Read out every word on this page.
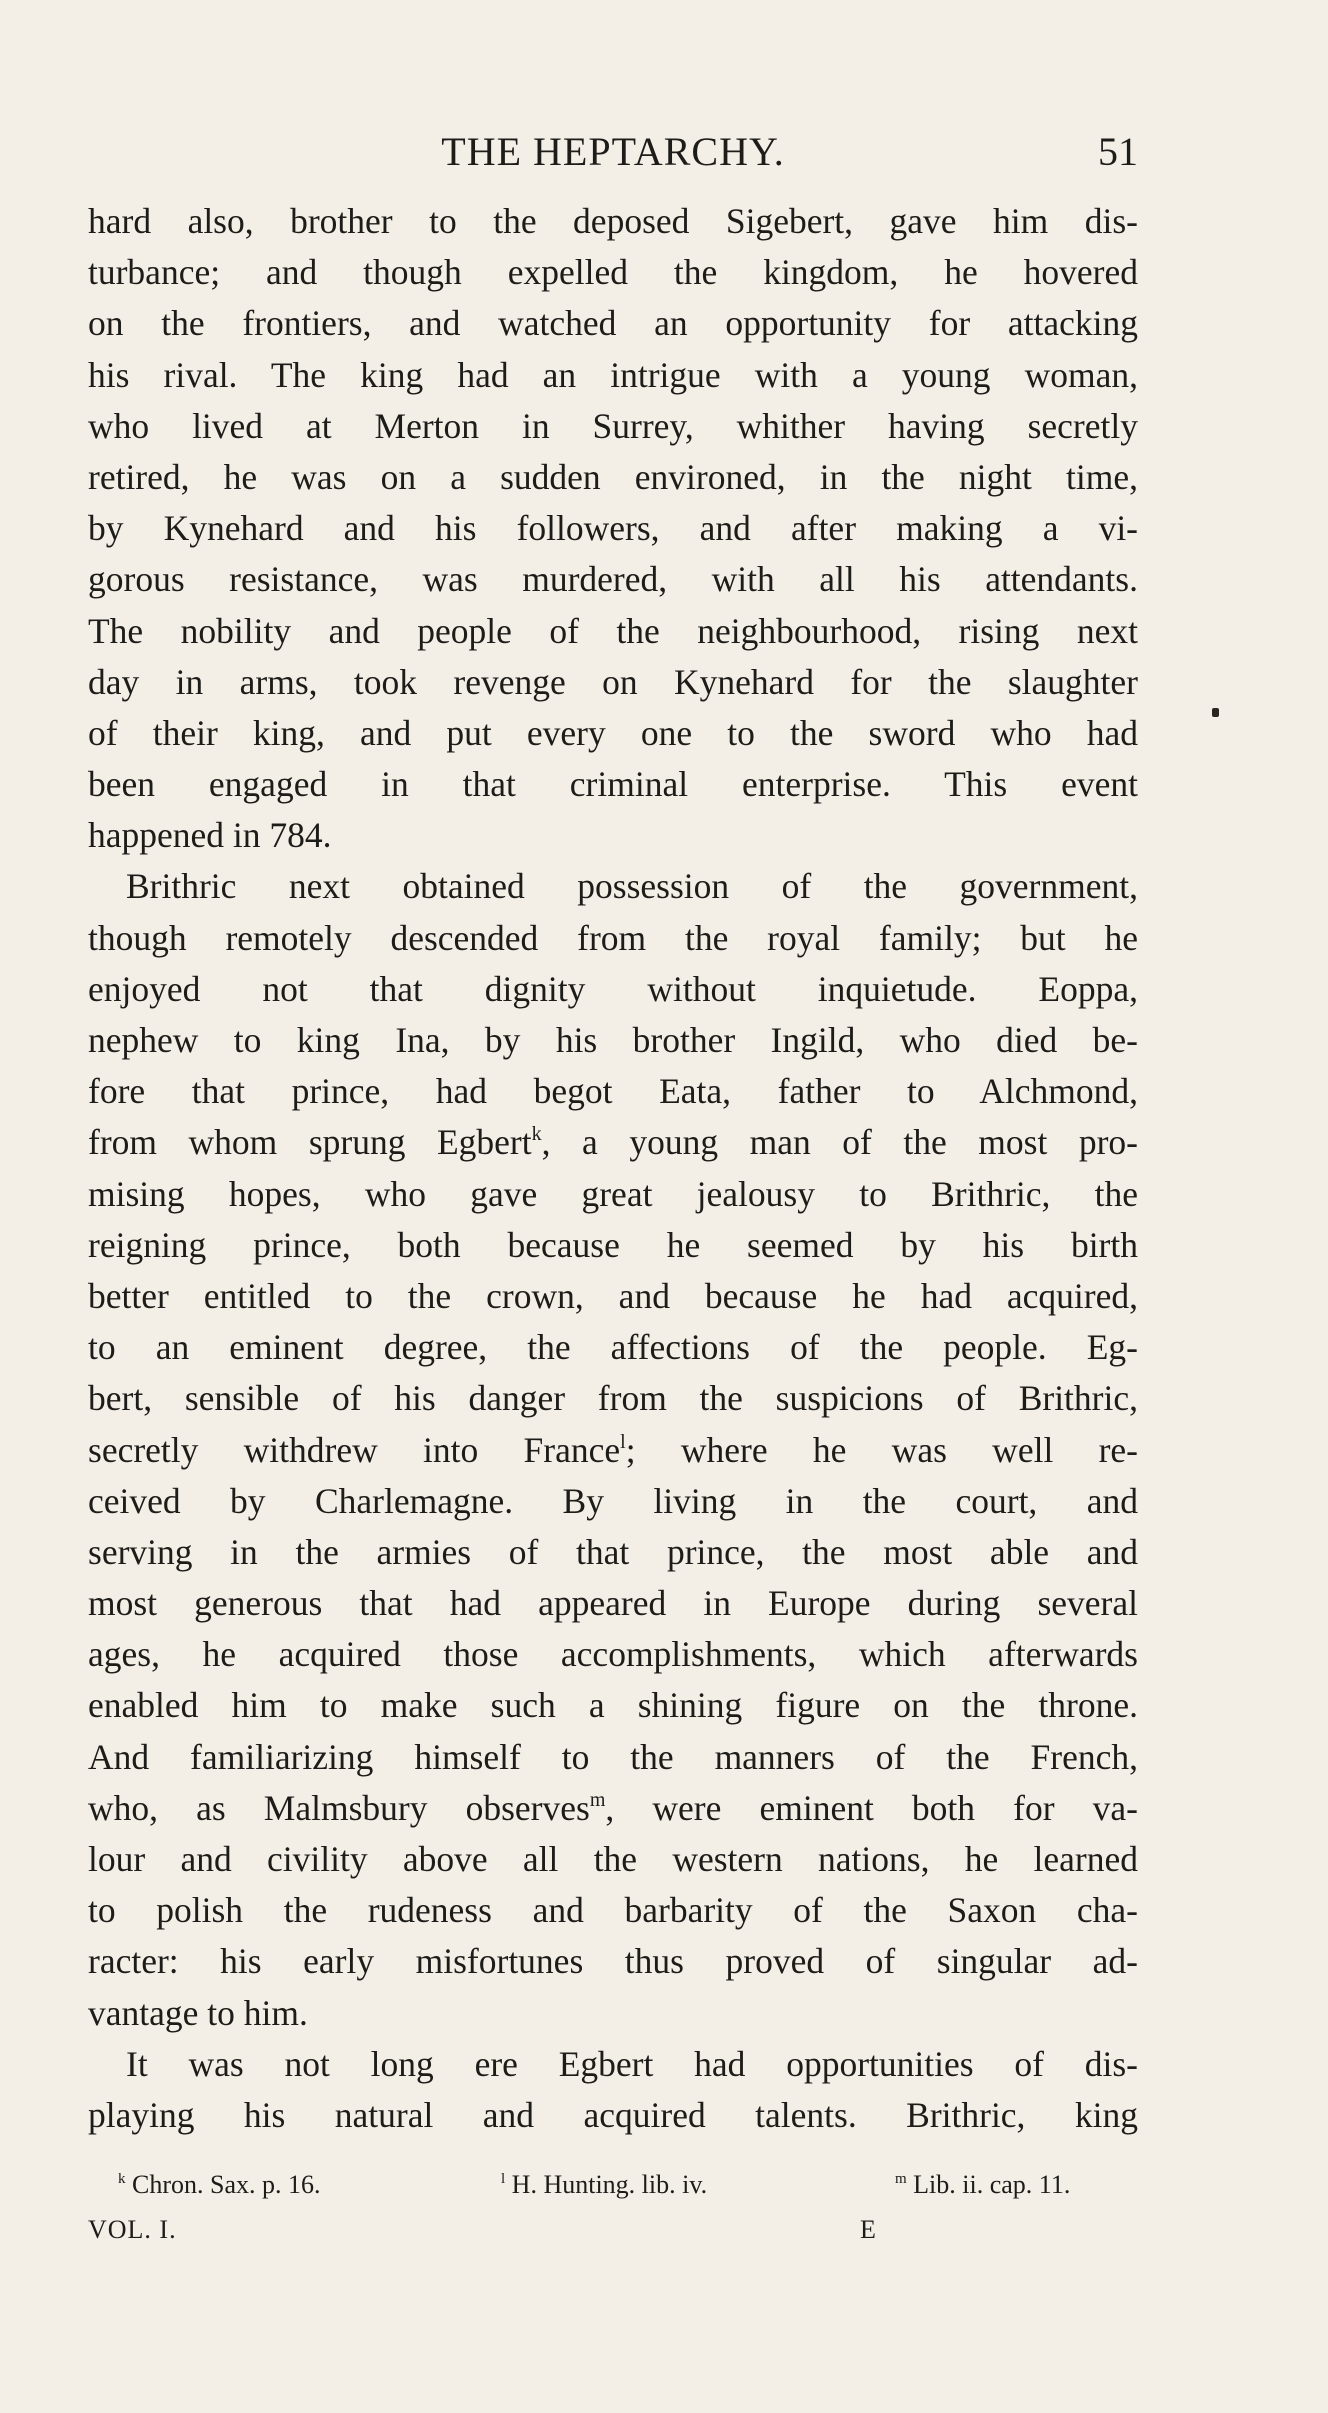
THE HEPTARCHY.	51
hard also, brother to the deposed Sigebert, gave him dis-
turbance; and though expelled the kingdom, he hovered
on the frontiers, and watched an opportunity for attacking
his rival. The king had an intrigue with a young woman,
who lived at Merton in Surrey, whither having secretly
retired, he was on a sudden environed, in the night time,
by Kynehard and his followers, and after making a vi-
gorous resistance, was murdered, with all his attendants.
The nobility and people of the neighbourhood, rising next
day in arms, took revenge on Kynehard for the slaughter
of their king, and put every one to the sword who had
been engaged in that criminal enterprise. This event
happened in 784.
Brithric next obtained possession of the government,
though remotely descended from the royal family; but he
enjoyed not that dignity without inquietude. Eoppa,
nephew to king Ina, by his brother Ingild, who died be-
fore that prince, had begot Eata, father to Alchmond,
from whom sprung Egbert$^k$, a young man of the most pro-
mising hopes, who gave great jealousy to Brithric, the
reigning prince, both because he seemed by his birth
better entitled to the crown, and because he had acquired,
to an eminent degree, the affections of the people. Eg-
bert, sensible of his danger from the suspicions of Brithric,
secretly withdrew into France$^l$; where he was well re-
ceived by Charlemagne. By living in the court, and
serving in the armies of that prince, the most able and
most generous that had appeared in Europe during several
ages, he acquired those accomplishments, which afterwards
enabled him to make such a shining figure on the throne.
And familiarizing himself to the manners of the French,
who, as Malmsbury observes$^m$, were eminent both for va-
lour and civility above all the western nations, he learned
to polish the rudeness and barbarity of the Saxon cha-
racter: his early misfortunes thus proved of singular ad-
vantage to him.
It was not long ere Egbert had opportunities of dis-
playing his natural and acquired talents. Brithric, king
$^k$ Chron. Sax. p. 16.	$^l$ H. Hunting. lib. iv.	$^m$ Lib. ii. cap. 11.
VOL. I.	E
